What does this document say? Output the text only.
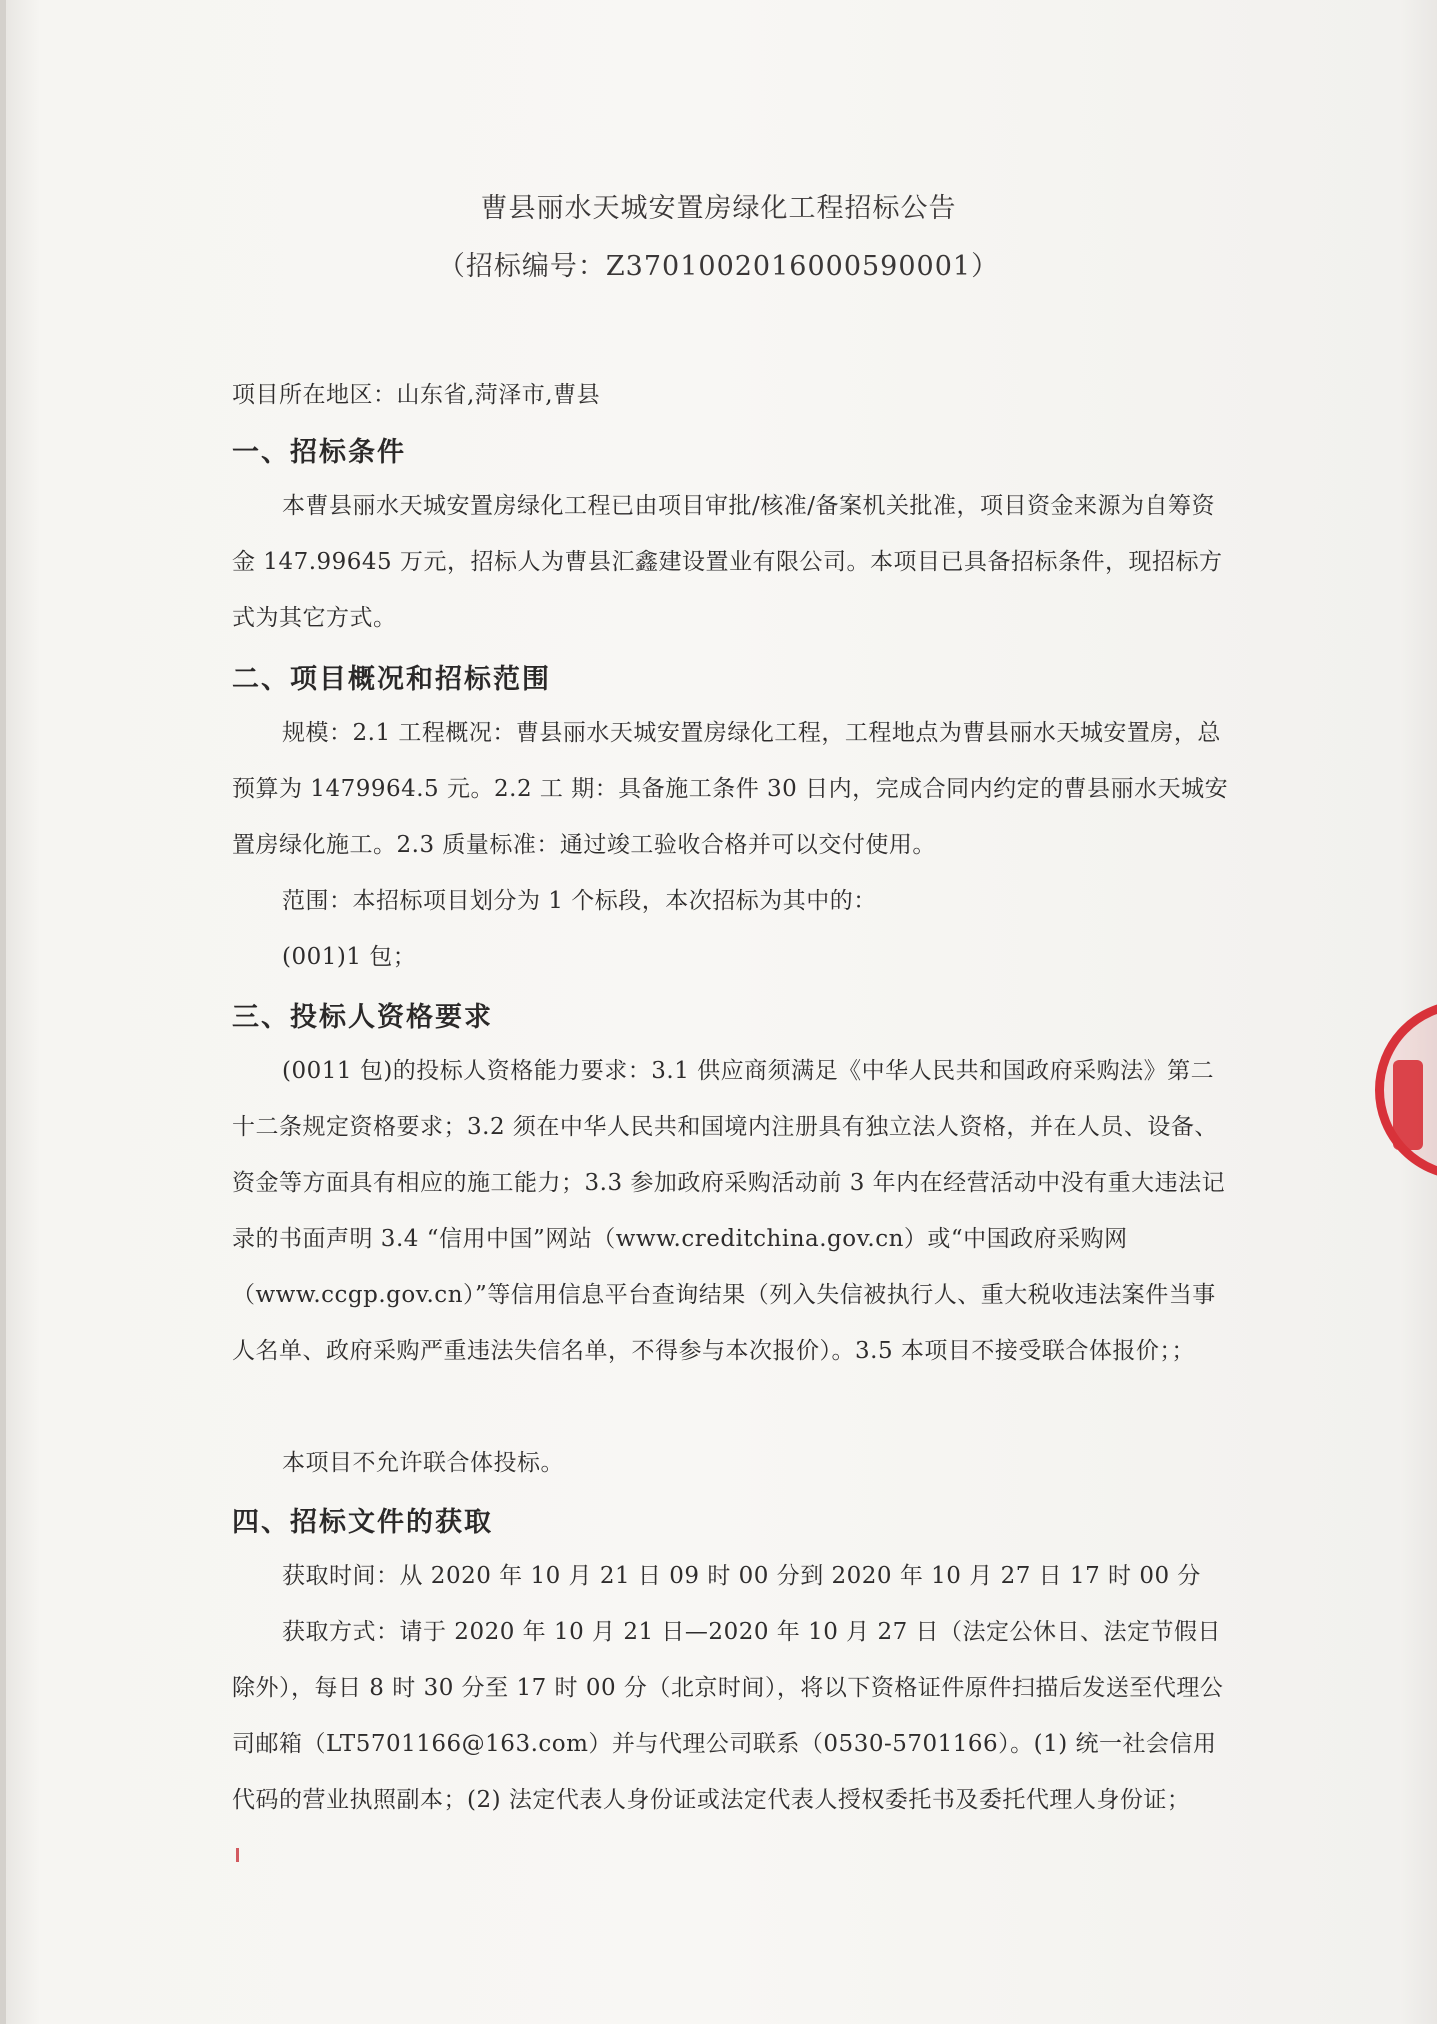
曹县丽水天城安置房绿化工程招标公告
（招标编号：Z3701002016000590001）

项目所在地区：山东省,菏泽市,曹县

一、招标条件

本曹县丽水天城安置房绿化工程已由项目审批/核准/备案机关批准，项目资金来源为自筹资金 147.99645 万元，招标人为曹县汇鑫建设置业有限公司。本项目已具备招标条件，现招标方式为其它方式。

二、项目概况和招标范围

规模：2.1 工程概况：曹县丽水天城安置房绿化工程，工程地点为曹县丽水天城安置房，总预算为 1479964.5 元。2.2 工 期：具备施工条件 30 日内，完成合同内约定的曹县丽水天城安置房绿化施工。2.3 质量标准：通过竣工验收合格并可以交付使用。

范围：本招标项目划分为 1 个标段，本次招标为其中的：

(001)1 包；

三、投标人资格要求

(0011 包)的投标人资格能力要求：3.1 供应商须满足《中华人民共和国政府采购法》第二十二条规定资格要求；3.2 须在中华人民共和国境内注册具有独立法人资格，并在人员、设备、资金等方面具有相应的施工能力；3.3 参加政府采购活动前 3 年内在经营活动中没有重大违法记录的书面声明 3.4 “信用中国”网站（www.creditchina.gov.cn）或“中国政府采购网（www.ccgp.gov.cn）”等信用信息平台查询结果（列入失信被执行人、重大税收违法案件当事人名单、政府采购严重违法失信名单，不得参与本次报价）。3.5 本项目不接受联合体报价；；

本项目不允许联合体投标。

四、招标文件的获取

获取时间：从 2020 年 10 月 21 日 09 时 00 分到 2020 年 10 月 27 日 17 时 00 分

获取方式：请于 2020 年 10 月 21 日—2020 年 10 月 27 日（法定公休日、法定节假日除外），每日 8 时 30 分至 17 时 00 分（北京时间），将以下资格证件原件扫描后发送至代理公司邮箱（LT5701166@163.com）并与代理公司联系（0530-5701166）。(1) 统一社会信用代码的营业执照副本；(2) 法定代表人身份证或法定代表人授权委托书及委托代理人身份证；
